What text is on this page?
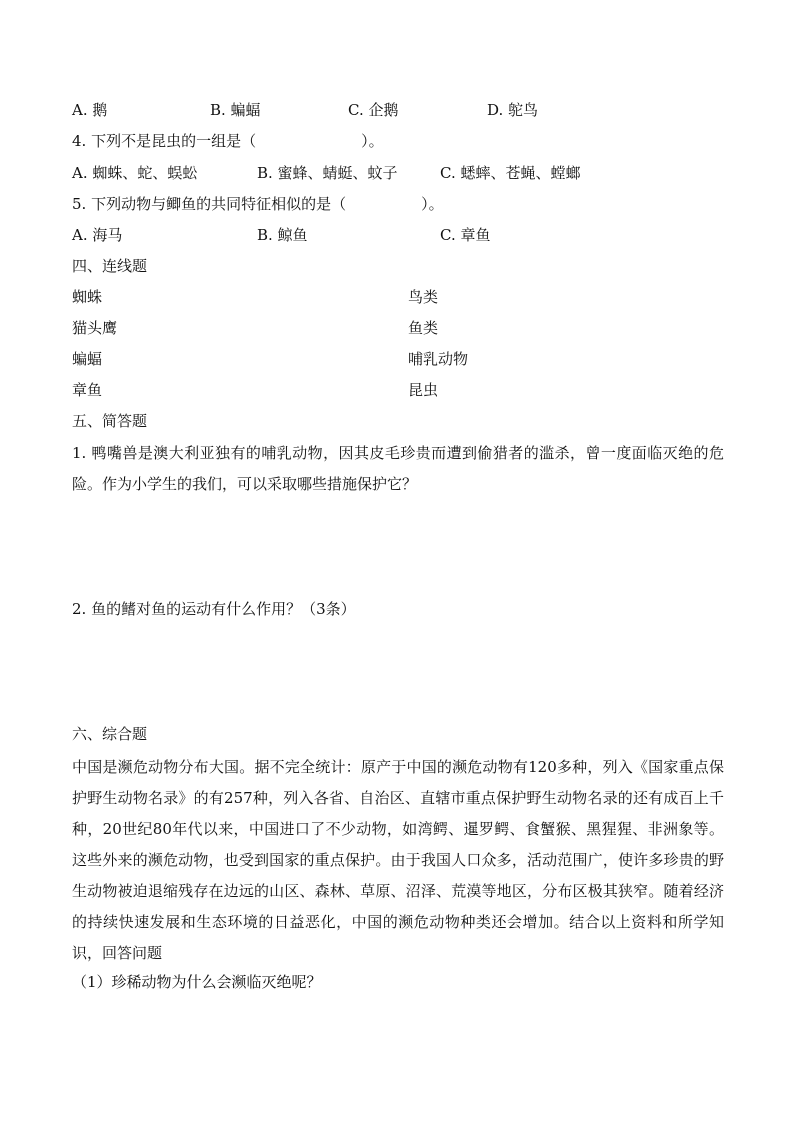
A. 鹅	B. 蝙蝠	C. 企鹅	D. 鸵鸟
4. 下列不是昆虫的一组是（　　　　　　　）。
A. 蜘蛛、蛇、蜈蚣	B. 蜜蜂、蜻蜓、蚊子	C. 蟋蟀、苍蝇、螳螂
5. 下列动物与鲫鱼的共同特征相似的是（　　　　　）。
A. 海马	B. 鲸鱼	C. 章鱼
四、连线题
蜘蛛	鸟类
猫头鹰	鱼类
蝙蝠	哺乳动物
章鱼	昆虫
五、简答题
1. 鸭嘴兽是澳大利亚独有的哺乳动物，因其皮毛珍贵而遭到偷猎者的滥杀，曾一度面临灭绝的危险。作为小学生的我们，可以采取哪些措施保护它？
2. 鱼的鳍对鱼的运动有什么作用？（3条）
六、综合题
中国是濒危动物分布大国。据不完全统计：原产于中国的濒危动物有120多种，列入《国家重点保护野生动物名录》的有257种，列入各省、自治区、直辖市重点保护野生动物名录的还有成百上千种，20世纪80年代以来，中国进口了不少动物，如湾鳄、暹罗鳄、食蟹猴、黑猩猩、非洲象等。这些外来的濒危动物，也受到国家的重点保护。由于我国人口众多，活动范围广，使许多珍贵的野生动物被迫退缩残存在边远的山区、森林、草原、沼泽、荒漠等地区，分布区极其狭窄。随着经济的持续快速发展和生态环境的日益恶化，中国的濒危动物种类还会增加。结合以上资料和所学知识，回答问题
（1）珍稀动物为什么会濒临灭绝呢？
